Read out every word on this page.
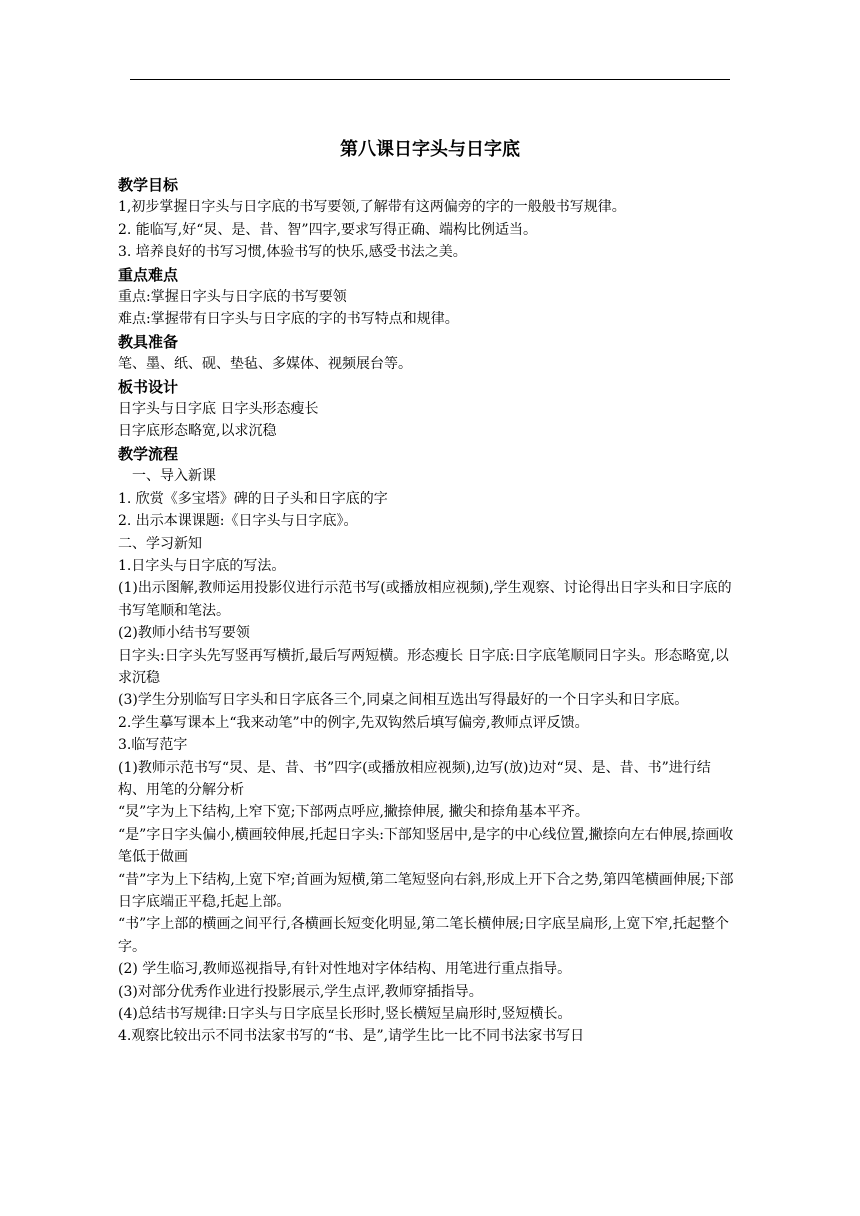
第八课日字头与日字底

教学目标

1,初步掌握日字头与日字底的书写要领,了解带有这两偏旁的字的一般般书写规律。

2. 能临写,好“炅、是、昔、智”四字,要求写得正确、端构比例适当。

3. 培养良好的书写习惯,体验书写的快乐,感受书法之美。

重点难点

重点:掌握日字头与日字底的书写要领

难点:掌握带有日字头与日字底的字的书写特点和规律。

教具准备

笔、墨、纸、砚、垫毡、多媒体、视频展台等。

板书设计

日字头与日字底 日字头形态瘦长

日字底形态略宽,以求沉稳

教学流程

一、导入新课

1. 欣赏《多宝塔》碑的日子头和日字底的字

2. 出示本课课题:《日字头与日字底》。

二、学习新知

1.日字头与日字底的写法。

(1)出示图解,教师运用投影仪进行示范书写(或播放相应视频),学生观察、讨论得出日字头和日字底的书写笔顺和笔法。

(2)教师小结书写要领

日字头:日字头先写竖再写横折,最后写两短横。形态瘦长 日字底:日字底笔顺同日字头。形态略宽,以求沉稳

(3)学生分别临写日字头和日字底各三个,同桌之间相互选出写得最好的一个日字头和日字底。

2.学生摹写课本上“我来动笔”中的例字,先双钩然后填写偏旁,教师点评反馈。

3.临写范字

(1)教师示范书写“炅、是、昔、书”四字(或播放相应视频),边写(放)边对“炅、是、昔、书”进行结构、用笔的分解分析

“炅”字为上下结构,上窄下宽;下部两点呼应,撇捺伸展, 撇尖和捺角基本平齐。

“是”字日字头偏小,横画较伸展,托起日字头:下部知竖居中,是字的中心线位置,撇捺向左右伸展,捺画收笔低于做画

“昔”字为上下结构,上宽下窄;首画为短横,第二笔短竖向右斜,形成上开下合之势,第四笔横画伸展;下部日字底端正平稳,托起上部。

“书”字上部的横画之间平行,各横画长短变化明显,第二笔长横伸展;日字底呈扁形,上宽下窄,托起整个字。

(2) 学生临习,教师巡视指导,有针对性地对字体结构、用笔进行重点指导。

(3)对部分优秀作业进行投影展示,学生点评,教师穿插指导。

(4)总结书写规律:日字头与日字底呈长形时,竖长横短呈扁形时,竖短横长。

4.观察比较出示不同书法家书写的“书、是”,请学生比一比不同书法家书写日
